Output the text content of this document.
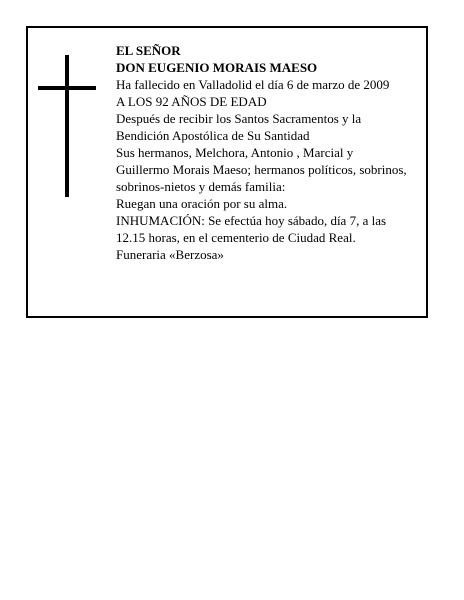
EL SEÑOR
DON EUGENIO MORAIS MAESO
Ha fallecido en Valladolid el día 6 de marzo de 2009
A LOS 92 AÑOS DE EDAD
Después de recibir los Santos Sacramentos y la
Bendición Apostólica de Su Santidad
Sus hermanos, Melchora, Antonio , Marcial y
Guillermo Morais Maeso; hermanos políticos, sobrinos,
sobrinos-nietos y demás familia:
Ruegan una oración por su alma.
INHUMACIÓN: Se efectúa hoy sábado, día 7, a las
12.15 horas, en el cementerio de Ciudad Real.
Funeraria «Berzosa»
